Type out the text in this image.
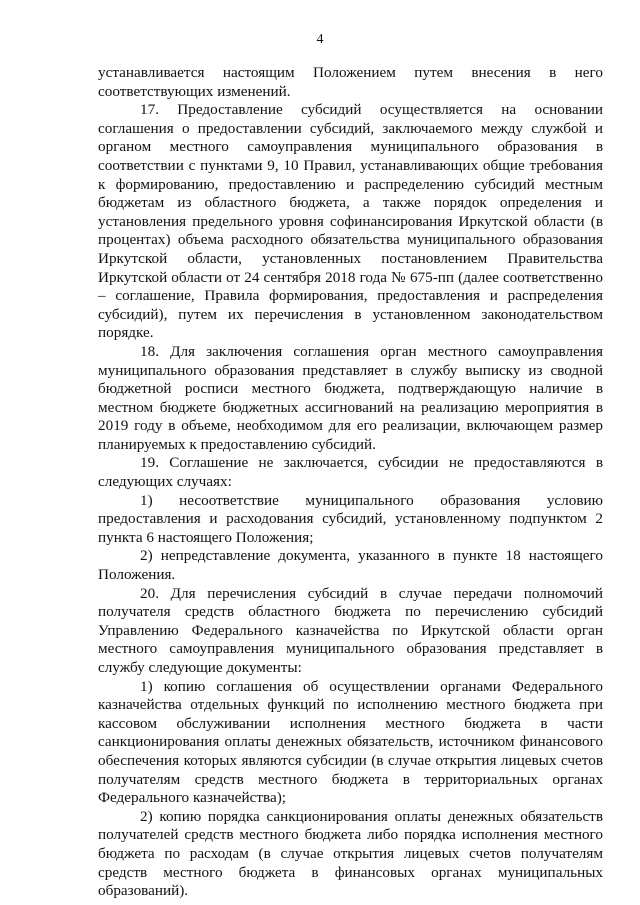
4

устанавливается настоящим Положением путем внесения в него соответствующих изменений.

17. Предоставление субсидий осуществляется на основании соглашения о предоставлении субсидий, заключаемого между службой и органом местного самоуправления муниципального образования в соответствии с пунктами 9, 10 Правил, устанавливающих общие требования к формированию, предоставлению и распределению субсидий местным бюджетам из областного бюджета, а также порядок определения и установления предельного уровня софинансирования Иркутской области (в процентах) объема расходного обязательства муниципального образования Иркутской области, установленных постановлением Правительства Иркутской области от 24 сентября 2018 года № 675-пп (далее соответственно – соглашение, Правила формирования, предоставления и распределения субсидий), путем их перечисления в установленном законодательством порядке.

18. Для заключения соглашения орган местного самоуправления муниципального образования представляет в службу выписку из сводной бюджетной росписи местного бюджета, подтверждающую наличие в местном бюджете бюджетных ассигнований на реализацию мероприятия в 2019 году в объеме, необходимом для его реализации, включающем размер планируемых к предоставлению субсидий.

19. Соглашение не заключается, субсидии не предоставляются в следующих случаях:

1) несоответствие муниципального образования условию предоставления и расходования субсидий, установленному подпунктом 2 пункта 6 настоящего Положения;

2) непредставление документа, указанного в пункте 18 настоящего Положения.

20. Для перечисления субсидий в случае передачи полномочий получателя средств областного бюджета по перечислению субсидий Управлению Федерального казначейства по Иркутской области орган местного самоуправления муниципального образования представляет в службу следующие документы:

1) копию соглашения об осуществлении органами Федерального казначейства отдельных функций по исполнению местного бюджета при кассовом обслуживании исполнения местного бюджета в части санкционирования оплаты денежных обязательств, источником финансового обеспечения которых являются субсидии (в случае открытия лицевых счетов получателям средств местного бюджета в территориальных органах Федерального казначейства);

2) копию порядка санкционирования оплаты денежных обязательств получателей средств местного бюджета либо порядка исполнения местного бюджета по расходам (в случае открытия лицевых счетов получателям средств местного бюджета в финансовых органах муниципальных образований).
